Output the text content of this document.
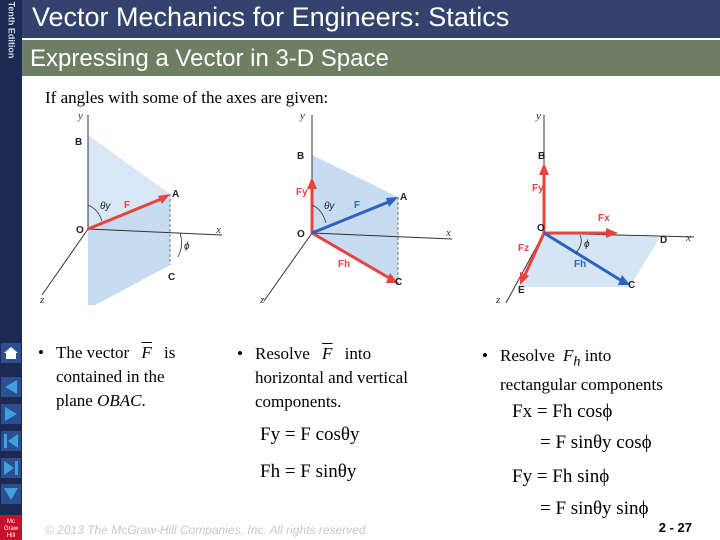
Tenth Edition Vector Mechanics for Engineers: Statics
Expressing a Vector in 3-D Space
If angles with some of the axes are given:
Mc
Graw
Hill
y
x
z
B
A
O
C
F
θy
ϕ
y
x
z
B
A
O
C
F
Fy
Fh
θy
y
x
z
B
O
C
D
E
Fy
Fx
Fz
Fh
ϕ
• The vector $\overline{F}$ is
contained in the
plane OBAC.
• Resolve $\overline{F}$ into
horizontal and vertical
components.
• Resolve $F_h$ into
rectangular components
Fy = F cosθy
Fh = F sinθy
Fx = Fh cosϕ
= F sinθy cosϕ
Fy = Fh sinϕ
= F sinθy sinϕ
© 2013 The McGraw-Hill Companies, Inc. All rights reserved.	2 - 27
